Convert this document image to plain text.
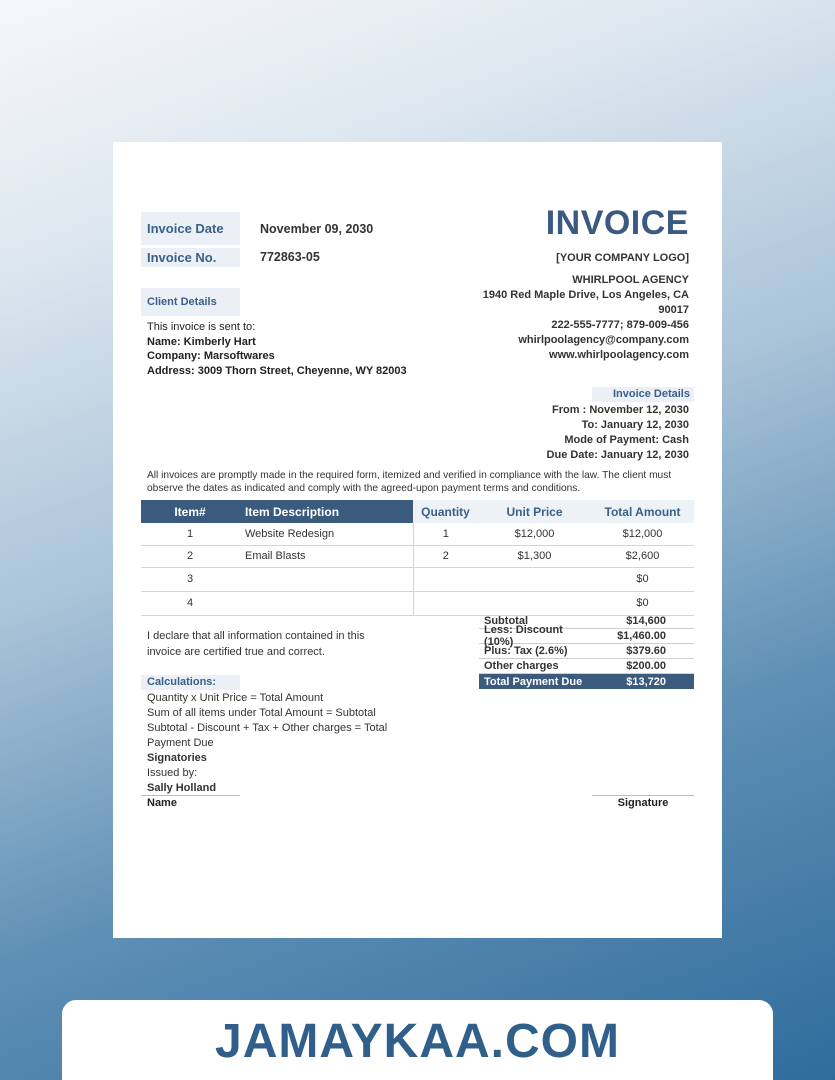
Invoice Date	November 09, 2030
Invoice No.	772863-05
INVOICE
[YOUR COMPANY LOGO]
WHIRLPOOL AGENCY
1940 Red Maple Drive, Los Angeles, CA
90017
222-555-7777; 879-009-456
whirlpoolagency@company.com
www.whirlpoolagency.com
Client Details
This invoice is sent to:
Name: Kimberly Hart
Company: Marsoftwares
Address: 3009 Thorn Street, Cheyenne, WY 82003
Invoice Details
From : November 12, 2030
To: January 12, 2030
Mode of Payment: Cash
Due Date: January 12, 2030
All invoices are promptly made in the required form, itemized and verified in compliance with the law. The client must observe the dates as indicated and comply with the agreed-upon payment terms and conditions.
Item#	Item Description	Quantity	Unit Price	Total Amount
1	Website Redesign	1	$12,000	$12,000
2	Email Blasts	2	$1,300	$2,600
3				$0
4				$0
Subtotal	$14,600
Less: Discount (10%)	$1,460.00
Plus: Tax (2.6%)	$379.60
Other charges	$200.00
Total Payment Due	$13,720
I declare that all information contained in this invoice are certified true and correct.
Calculations:
Quantity x Unit Price = Total Amount
Sum of all items under Total Amount = Subtotal
Subtotal - Discount + Tax + Other charges = Total Payment Due
Signatories
Issued by:
Sally Holland
Name	Signature
JAMAYKAA.COM
